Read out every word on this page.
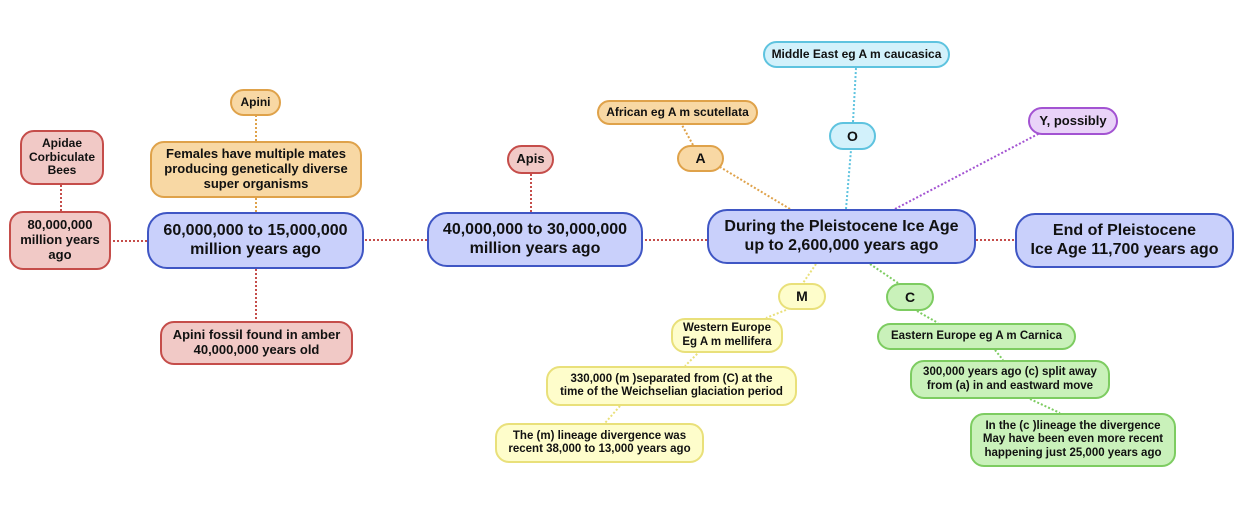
During the Pleistocene Ice Age
up to 2,600,000 years ago
End of Pleistocene
Ice Age 11,700 years ago
40,000,000 to 30,000,000
million years ago
60,000,000 to 15,000,000
million years ago
80,000,000
million years
ago
Apidae
Corbiculate
Bees
Apini fossil found in amber
40,000,000 years old
Apis
Apini
Females have multiple mates
producing genetically diverse
super organisms
A
African eg A m scutellata
O
Middle East eg A m caucasica
Y, possibly
M
Western Europe
Eg A m mellifera
330,000 (m )separated from (C) at the
time of the Weichselian glaciation period
The (m) lineage divergence was
recent 38,000 to 13,000 years ago
C
Eastern Europe eg A m Carnica
300,000 years ago (c) split away
from (a) in and eastward move
In the (c )lineage the divergence
May have been even more recent
happening just 25,000 years ago
